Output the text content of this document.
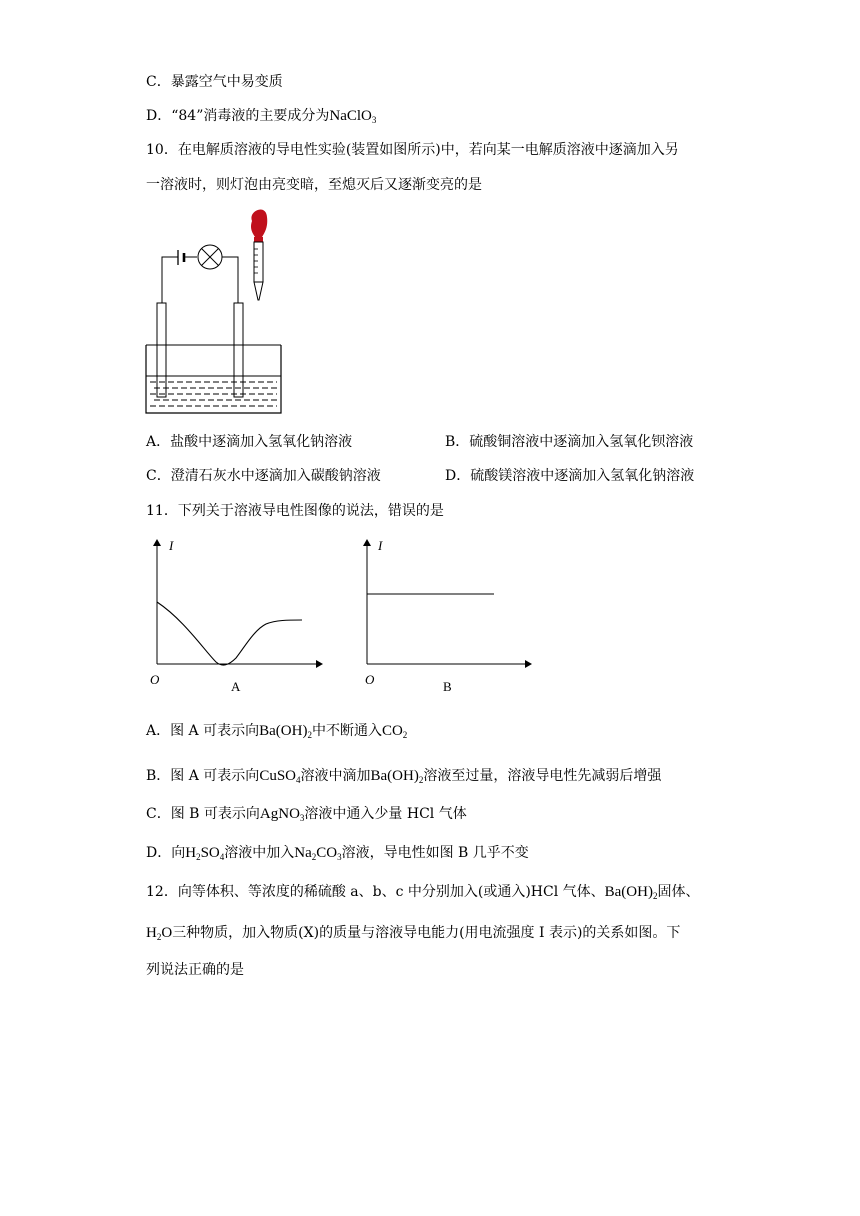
C．暴露空气中易变质
D．“84”消毒液的主要成分为NaClO$_3$
10．在电解质溶液的导电性实验(装置如图所示)中，若向某一电解质溶液中逐滴加入另
一溶液时，则灯泡由亮变暗，至熄灭后又逐渐变亮的是
A．盐酸中逐滴加入氢氧化钠溶液	B．硫酸铜溶液中逐滴加入氢氧化钡溶液
C．澄清石灰水中逐滴加入碳酸钠溶液	D．硫酸镁溶液中逐滴加入氢氧化钠溶液
11．下列关于溶液导电性图像的说法，错误的是
I
O	A
I
O	B
A．图 A 可表示向$Ba(OH)_2$中不断通入$CO_2$
B．图 A 可表示向CuSO$_4$溶液中滴加$Ba(OH)_2$溶液至过量，溶液导电性先减弱后增强
C．图 B 可表示向AgNO$_3$溶液中通入少量 HCl 气体
D．向$H_2SO_4$溶液中加入$Na_2CO_3$溶液，导电性如图 B 几乎不变
12．向等体积、等浓度的稀硫酸 a、b、c 中分别加入(或通入)HCl 气体、$Ba(OH)_2$固体、
$H_2O$三种物质，加入物质(X)的质量与溶液导电能力(用电流强度 I 表示)的关系如图。下
列说法正确的是
